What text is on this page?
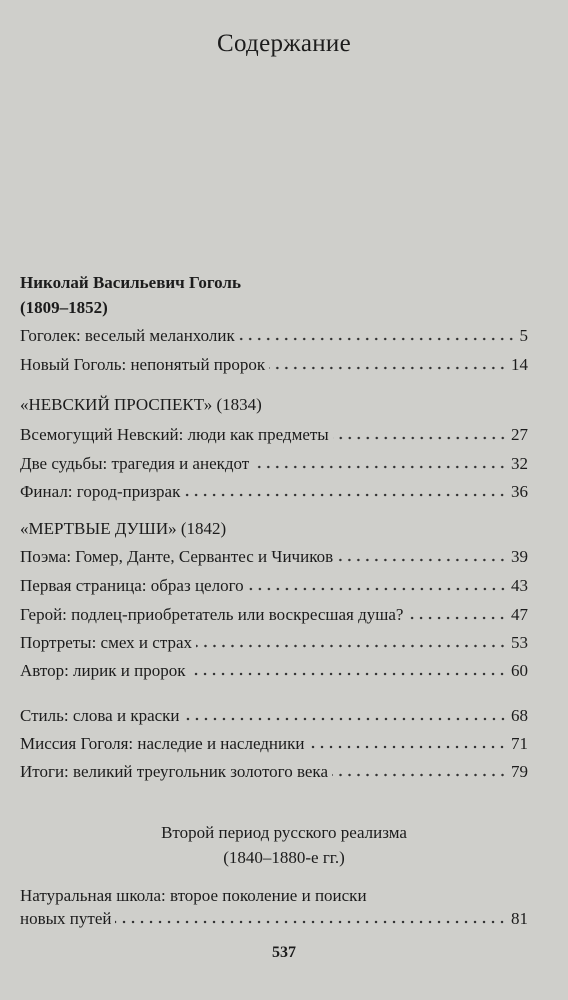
Содержание
Николай Васильевич Гоголь
(1809–1852)
Гоголек: веселый меланхолик	5
Новый Гоголь: непонятый пророк	14
«НЕВСКИЙ ПРОСПЕКТ» (1834)
Всемогущий Невский: люди как предметы	27
Две судьбы: трагедия и анекдот	32
Финал: город-призрак	36
«МЕРТВЫЕ ДУШИ» (1842)
Поэма: Гомер, Данте, Сервантес и Чичиков	39
Первая страница: образ целого	43
Герой: подлец-приобретатель или воскресшая душа?	47
Портреты: смех и страх	53
Автор: лирик и пророк	60
Стиль: слова и краски	68
Миссия Гоголя: наследие и наследники	71
Итоги: великий треугольник золотого века	79
Второй период русского реализма
(1840–1880-е гг.)
Натуральная школа: второе поколение и поиски
новых путей	81
537
